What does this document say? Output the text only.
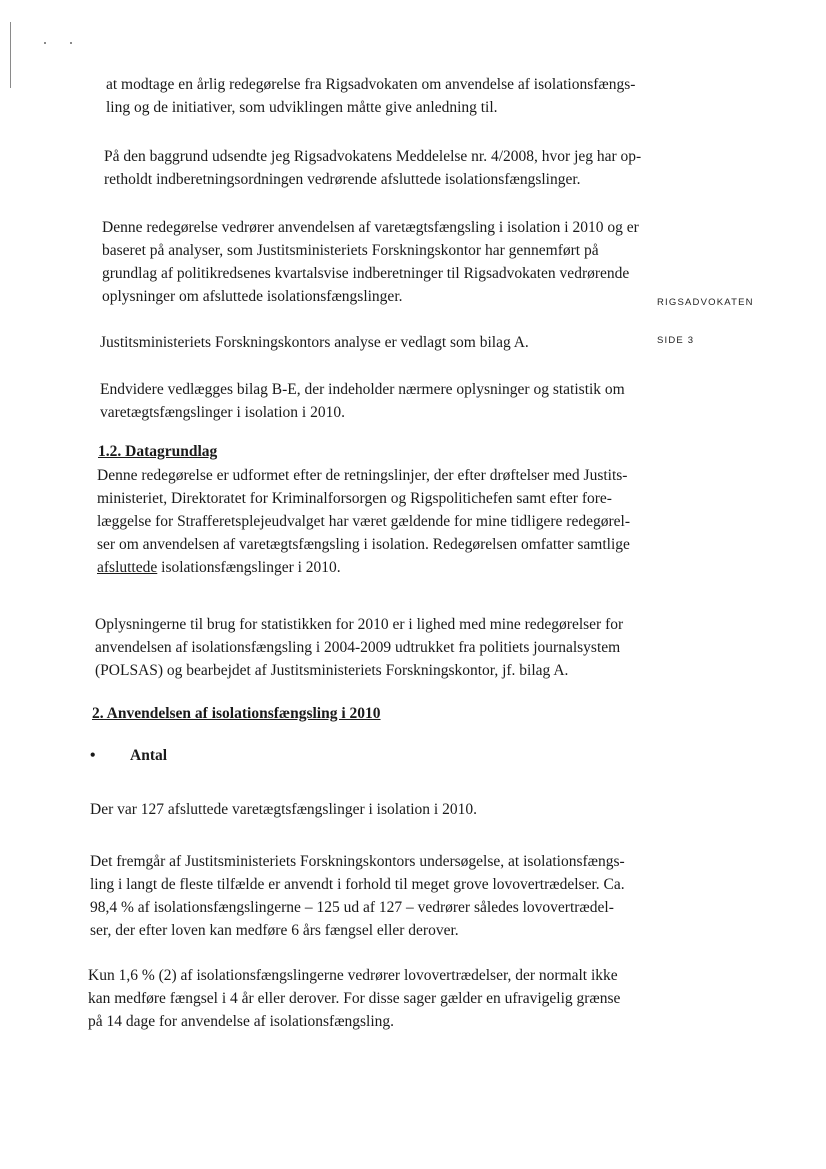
RIGSADVOKATEN
SIDE 3
at modtage en årlig redegørelse fra Rigsadvokaten om anvendelse af isolationsfængs-
ling og de initiativer, som udviklingen måtte give anledning til.
På den baggrund udsendte jeg Rigsadvokatens Meddelelse nr. 4/2008, hvor jeg har op-
retholdt indberetningsordningen vedrørende afsluttede isolationsfængslinger.
Denne redegørelse vedrører anvendelsen af varetægtsfængsling i isolation i 2010 og er
baseret på analyser, som Justitsministeriets Forskningskontor har gennemført på
grundlag af politikredsenes kvartalsvise indberetninger til Rigsadvokaten vedrørende
oplysninger om afsluttede isolationsfængslinger.
Justitsministeriets Forskningskontors analyse er vedlagt som bilag A.
Endvidere vedlægges bilag B-E, der indeholder nærmere oplysninger og statistik om
varetægtsfængslinger i isolation i 2010.
1.2. Datagrundlag
Denne redegørelse er udformet efter de retningslinjer, der efter drøftelser med Justits-
ministeriet, Direktoratet for Kriminalforsorgen og Rigspolitichefen samt efter fore-
læggelse for Strafferetsplejeudvalget har været gældende for mine tidligere redegørel-
ser om anvendelsen af varetægtsfængsling i isolation. Redegørelsen omfatter samtlige
afsluttede isolationsfængslinger i 2010.
Oplysningerne til brug for statistikken for 2010 er i lighed med mine redegørelser for
anvendelsen af isolationsfængsling i 2004-2009 udtrukket fra politiets journalsystem
(POLSAS) og bearbejdet af Justitsministeriets Forskningskontor, jf. bilag A.
2. Anvendelsen af isolationsfængsling i 2010
• Antal
Der var 127 afsluttede varetægtsfængslinger i isolation i 2010.
Det fremgår af Justitsministeriets Forskningskontors undersøgelse, at isolationsfængs-
ling i langt de fleste tilfælde er anvendt i forhold til meget grove lovovertrædelser. Ca.
98,4 % af isolationsfængslingerne – 125 ud af 127 – vedrører således lovovertrædel-
ser, der efter loven kan medføre 6 års fængsel eller derover.
Kun 1,6 % (2) af isolationsfængslingerne vedrører lovovertrædelser, der normalt ikke
kan medføre fængsel i 4 år eller derover. For disse sager gælder en ufravigelig grænse
på 14 dage for anvendelse af isolationsfængsling.
